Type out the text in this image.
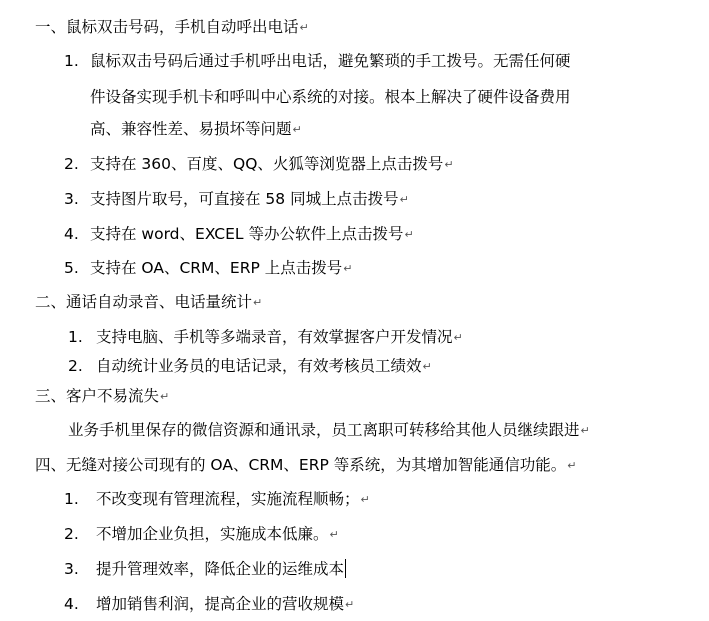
一、鼠标双击号码，手机自动呼出电话↵
1. 鼠标双击号码后通过手机呼出电话，避免繁琐的手工拨号。无需任何硬
件设备实现手机卡和呼叫中心系统的对接。根本上解决了硬件设备费用
高、兼容性差、易损坏等问题↵
2. 支持在 360、百度、QQ、火狐等浏览器上点击拨号↵
3. 支持图片取号，可直接在 58 同城上点击拨号↵
4. 支持在 word、EXCEL 等办公软件上点击拨号↵
5. 支持在 OA、CRM、ERP 上点击拨号↵
二、通话自动录音、电话量统计↵
1. 支持电脑、手机等多端录音，有效掌握客户开发情况↵
2. 自动统计业务员的电话记录，有效考核员工绩效↵
三、客户不易流失↵
业务手机里保存的微信资源和通讯录，员工离职可转移给其他人员继续跟进↵
四、无缝对接公司现有的 OA、CRM、ERP 等系统，为其增加智能通信功能。↵
1. 不改变现有管理流程，实施流程顺畅；↵
2. 不增加企业负担，实施成本低廉。↵
3. 提升管理效率，降低企业的运维成本
4. 增加销售利润，提高企业的营收规模↵
